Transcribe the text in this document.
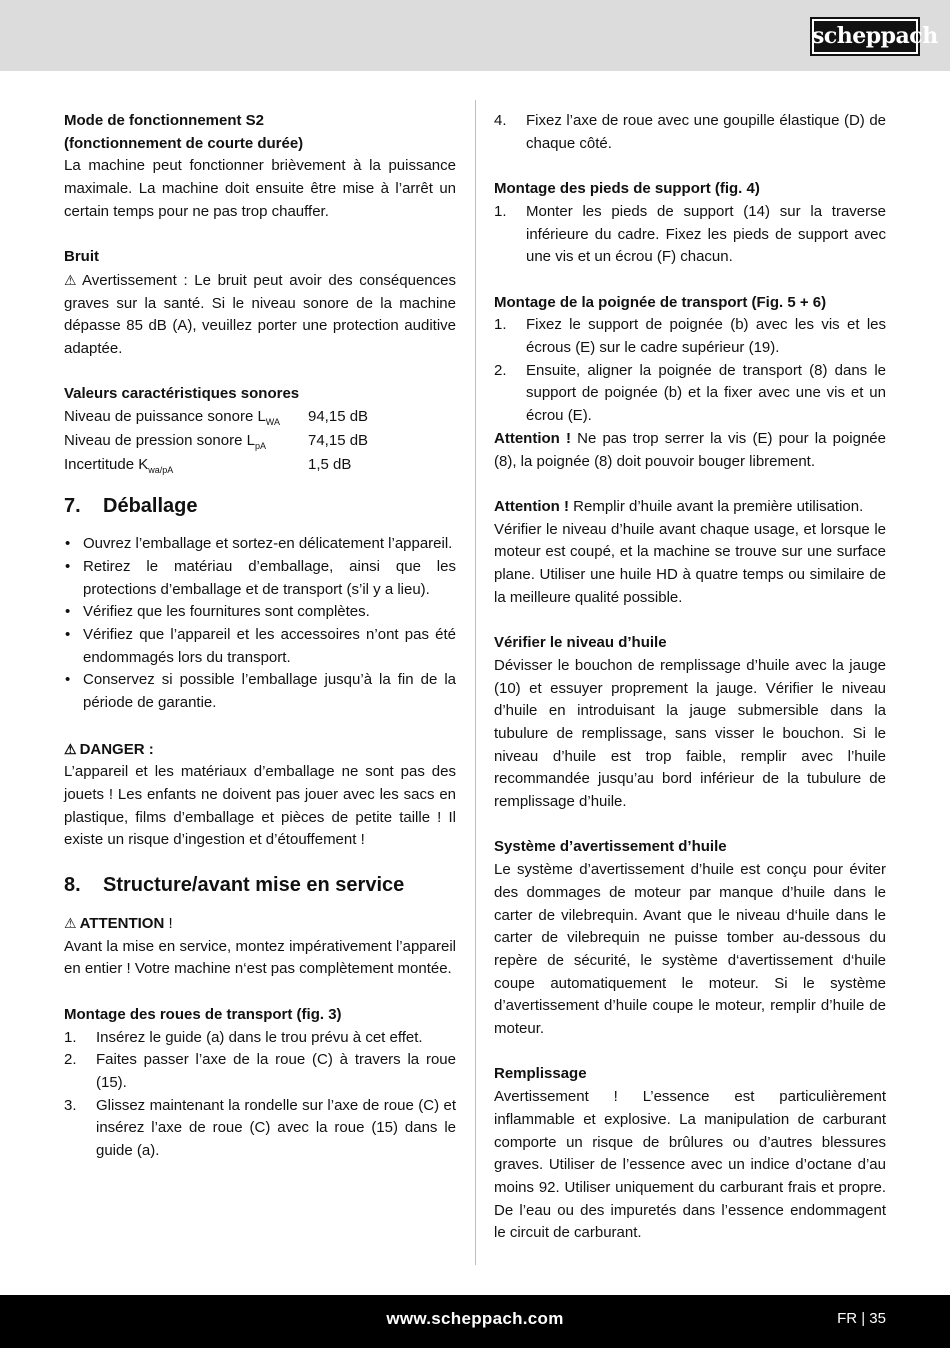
scheppach
Mode de fonctionnement S2
(fonctionnement de courte durée)

La machine peut fonctionner brièvement à la puissance maximale. La machine doit ensuite être mise à l’arrêt un certain temps pour ne pas trop chauffer.

Bruit

⚠ Avertissement : Le bruit peut avoir des conséquences graves sur la santé. Si le niveau sonore de la machine dépasse 85 dB (A), veuillez porter une protection auditive adaptée.

Valeurs caractéristiques sonores
Niveau de puissance sonore $L_{WA}$	94,15 dB
Niveau de pression sonore $L_{pA}$	74,15 dB
Incertitude $K_{wa/pA}$	1,5 dB
7.	Déballage
• Ouvrez l’emballage et sortez-en délicatement l’appareil.
• Retirez le matériau d’emballage, ainsi que les protections d’emballage et de transport (s’il y a lieu).
• Vérifiez que les fournitures sont complètes.
• Vérifiez que l’appareil et les accessoires n’ont pas été endommagés lors du transport.
• Conservez si possible l’emballage jusqu’à la fin de la période de garantie.
⚠ DANGER :

L’appareil et les matériaux d’emballage ne sont pas des jouets ! Les enfants ne doivent pas jouer avec les sacs en plastique, films d’emballage et pièces de petite taille ! Il existe un risque d’ingestion et d’étouffement !

8.	Structure/avant mise en service
⚠ ATTENTION !

Avant la mise en service, montez impérativement l’appareil en entier ! Votre machine n‘est pas complètement montée.

Montage des roues de transport (fig. 3)
1.	Insérez le guide (a) dans le trou prévu à cet effet.
2.	Faites passer l’axe de la roue (C) à travers la roue (15).
3.	Glissez maintenant la rondelle sur l’axe de roue (C) et insérez l’axe de roue (C) avec la roue (15) dans le guide (a).
4.	Fixez l’axe de roue avec une goupille élastique (D) de chaque côté.
Montage des pieds de support (fig. 4)
1.	Monter les pieds de support (14) sur la traverse inférieure du cadre. Fixez les pieds de support avec une vis et un écrou (F) chacun.
Montage de la poignée de transport (Fig. 5 + 6)
1.	Fixez le support de poignée (b) avec les vis et les écrous (E) sur le cadre supérieur (19).
2.	Ensuite, aligner la poignée de transport (8) dans le support de poignée (b) et la fixer avec une vis et un écrou (E).

Attention ! Ne pas trop serrer la vis (E) pour la poignée (8), la poignée (8) doit pouvoir bouger librement.

Attention ! Remplir d’huile avant la première utilisation.

Vérifier le niveau d’huile avant chaque usage, et lorsque le moteur est coupé, et la machine se trouve sur une surface plane. Utiliser une huile HD à quatre temps ou similaire de la meilleure qualité possible.

Vérifier le niveau d’huile

Dévisser le bouchon de remplissage d’huile avec la jauge (10) et essuyer proprement la jauge. Vérifier le niveau d’huile en introduisant la jauge submersible dans la tubulure de remplissage, sans visser le bouchon. Si le niveau d’huile est trop faible, remplir avec l’huile recommandée jusqu’au bord inférieur de la tubulure de remplissage d’huile.

Système d’avertissement d’huile

Le système d’avertissement d’huile est conçu pour éviter des dommages de moteur par manque d’huile dans le carter de vilebrequin. Avant que le niveau d‘huile dans le carter de vilebrequin ne puisse tomber au-dessous du repère de sécurité, le système d‘avertissement d‘huile coupe automatiquement le moteur. Si le système d’avertissement d’huile coupe le moteur, remplir d’huile de moteur.

Remplissage

Avertissement ! L’essence est particulièrement inflammable et explosive. La manipulation de carburant comporte un risque de brûlures ou d’autres blessures graves. Utiliser de l’essence avec un indice d’octane d’au moins 92. Utiliser uniquement du carburant frais et propre. De l’eau ou des impuretés dans l’essence endommagent le circuit de carburant.

www.scheppach.com	FR | 35
